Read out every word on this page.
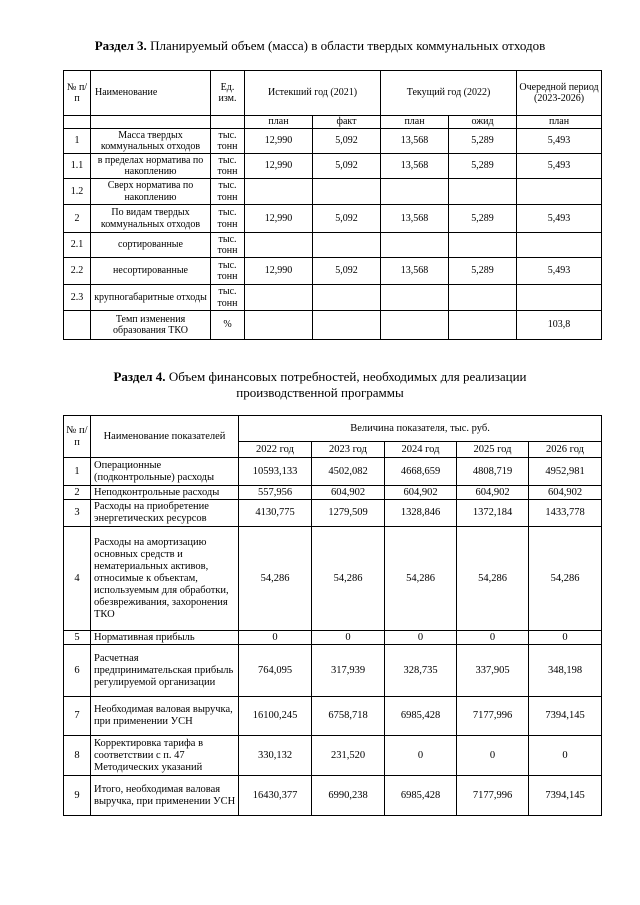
Раздел 3. Планируемый объем (масса) в области твердых коммунальных отходов
№ п/п	Наименование	Ед. изм.	Истекший год (2021)		Текущий год (2022)		Очередной период (2023-2026)
			план	факт	план	ожид	план
1	Масса твердых коммунальных отходов	тыс. тонн	12,990	5,092	13,568	5,289	5,493
1.1	в пределах норматива по накоплению	тыс. тонн	12,990	5,092	13,568	5,289	5,493
1.2	Сверх норматива по накоплению	тыс. тонн					
2	По видам твердых коммунальных отходов	тыс. тонн	12,990	5,092	13,568	5,289	5,493
2.1	сортированные	тыс. тонн					
2.2	несортированные	тыс. тонн	12,990	5,092	13,568	5,289	5,493
2.3	крупногабаритные отходы	тыс. тонн					
	Темп изменения образования ТКО	%					103,8
Раздел 4. Объем финансовых потребностей, необходимых для реализации
производственной программы
№ п/п	Наименование показателей	Величина показателя, тыс. руб.				
		2022 год	2023 год	2024 год	2025 год	2026 год
1	Операционные (подконтрольные) расходы	10593,133	4502,082	4668,659	4808,719	4952,981
2	Неподконтрольные расходы	557,956	604,902	604,902	604,902	604,902
3	Расходы на приобретение энергетических ресурсов	4130,775	1279,509	1328,846	1372,184	1433,778
4	Расходы на амортизацию основных средств и нематериальных активов, относимые к объектам, используемым для обработки, обезвреживания, захоронения ТКО	54,286	54,286	54,286	54,286	54,286
5	Нормативная прибыль	0	0	0	0	0
6	Расчетная предпринимательская прибыль регулируемой организации	764,095	317,939	328,735	337,905	348,198
7	Необходимая валовая выручка, при применении УСН	16100,245	6758,718	6985,428	7177,996	7394,145
8	Корректировка тарифа в соответствии с п. 47 Методических указаний	330,132	231,520	0	0	0
9	Итого, необходимая валовая выручка, при применении УСН	16430,377	6990,238	6985,428	7177,996	7394,145
